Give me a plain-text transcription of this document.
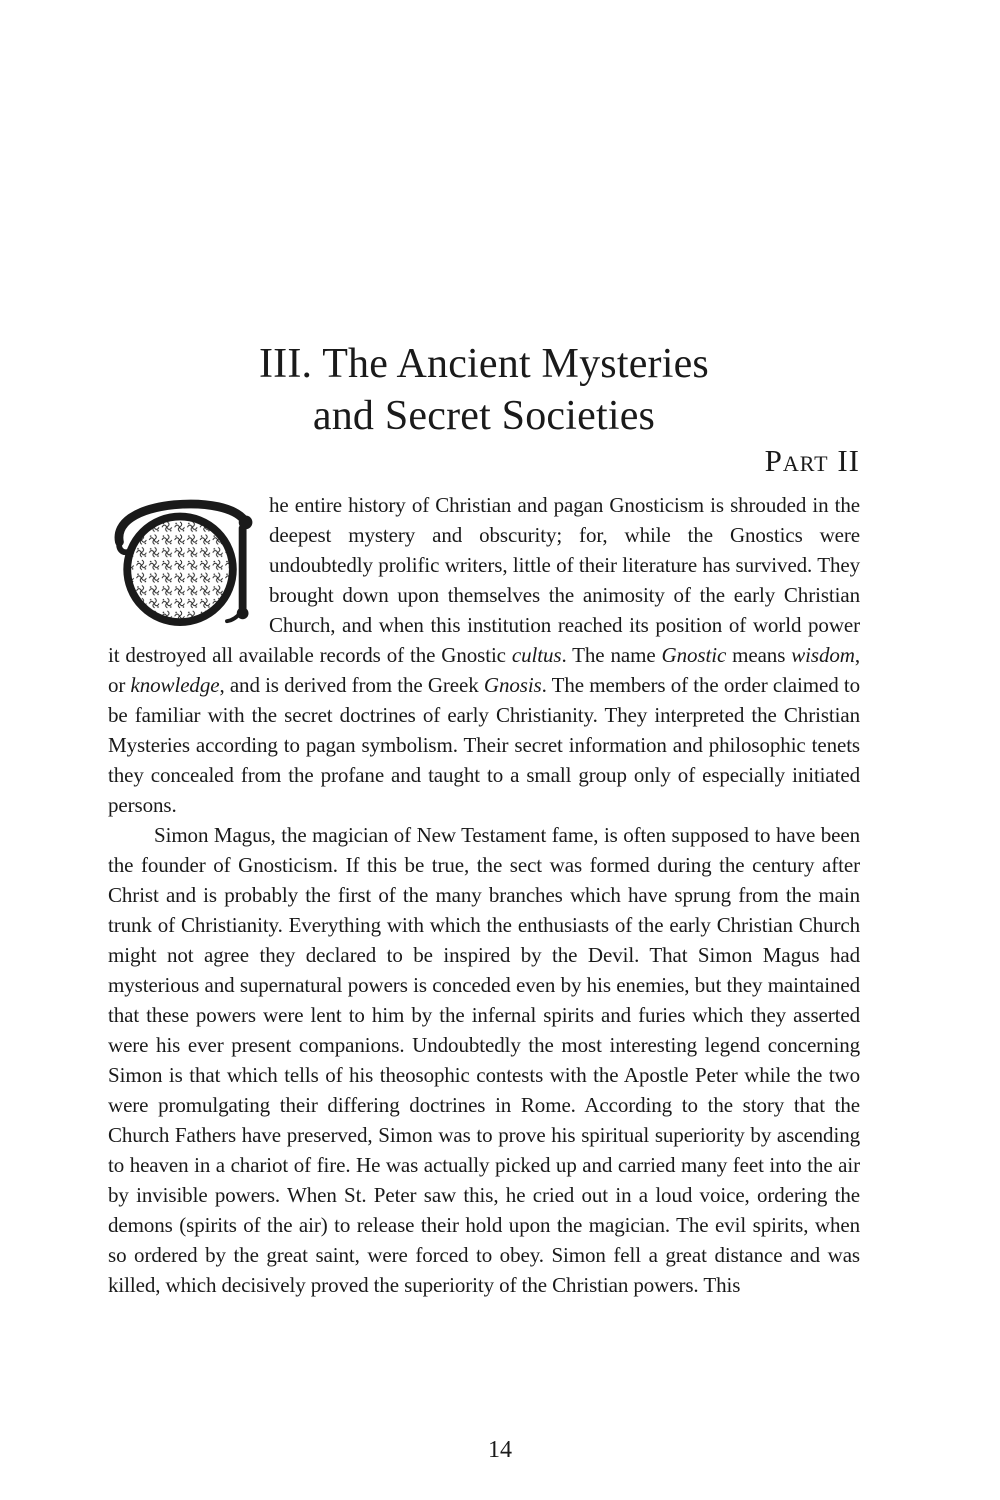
III. The Ancient Mysteries
and Secret Societies
Part II

he entire history of Christian and pagan Gnosticism is shrouded in the deepest mystery and obscurity; for, while the Gnostics were undoubtedly prolific writers, little of their literature has survived. They brought down upon themselves the animosity of the early Christian Church, and when this institution reached its position of world power it destroyed all available records of the Gnostic cultus. The name Gnostic means wisdom, or knowledge, and is derived from the Greek Gnosis. The members of the order claimed to be familiar with the secret doctrines of early Christianity. They interpreted the Christian Mysteries according to pagan symbolism. Their secret information and philosophic tenets they concealed from the profane and taught to a small group only of especially initiated persons.

Simon Magus, the magician of New Testament fame, is often supposed to have been the founder of Gnosticism. If this be true, the sect was formed during the century after Christ and is probably the first of the many branches which have sprung from the main trunk of Christianity. Everything with which the enthusiasts of the early Christian Church might not agree they declared to be inspired by the Devil. That Simon Magus had mysterious and supernatural powers is conceded even by his enemies, but they maintained that these powers were lent to him by the infernal spirits and furies which they asserted were his ever present companions. Undoubtedly the most interesting legend concerning Simon is that which tells of his theosophic contests with the Apostle Peter while the two were promulgating their differing doctrines in Rome. According to the story that the Church Fathers have preserved, Simon was to prove his spiritual superiority by ascending to heaven in a chariot of fire. He was actually picked up and carried many feet into the air by invisible powers. When St. Peter saw this, he cried out in a loud voice, ordering the demons (spirits of the air) to release their hold upon the magician. The evil spirits, when so ordered by the great saint, were forced to obey. Simon fell a great distance and was killed, which decisively proved the superiority of the Christian powers. This

14
